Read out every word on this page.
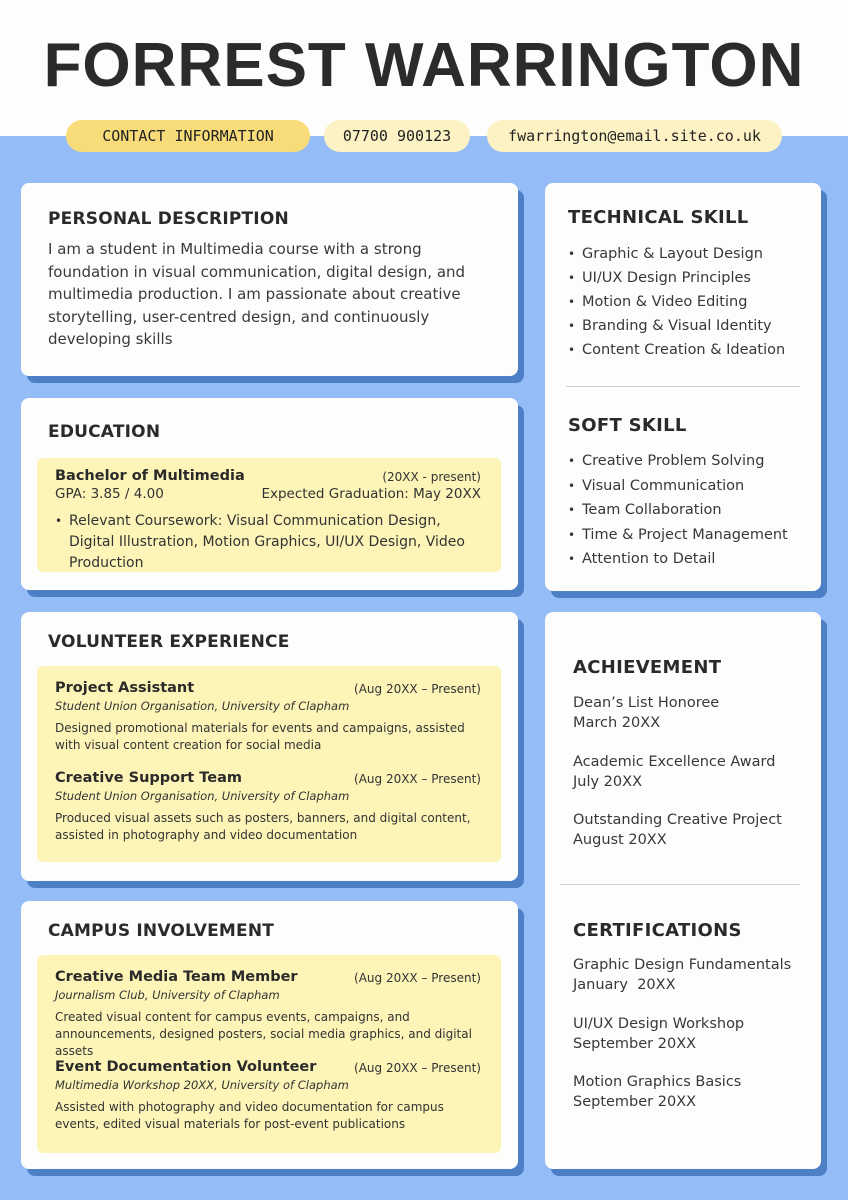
FORREST WARRINGTON
CONTACT INFORMATION	07700 900123	fwarrington@email.site.co.uk
PERSONAL DESCRIPTION
I am a student in Multimedia course with a strong foundation in visual communication, digital design, and multimedia production. I am passionate about creative storytelling, user-centred design, and continuously developing skills
EDUCATION
Bachelor of Multimedia	(20XX - present)
GPA: 3.85 / 4.00	Expected Graduation: May 20XX
• Relevant Coursework: Visual Communication Design, Digital Illustration, Motion Graphics, UI/UX Design, Video Production
VOLUNTEER EXPERIENCE
Project Assistant	(Aug 20XX – Present)
Student Union Organisation, University of Clapham
Designed promotional materials for events and campaigns, assisted with visual content creation for social media
Creative Support Team	(Aug 20XX – Present)
Student Union Organisation, University of Clapham
Produced visual assets such as posters, banners, and digital content, assisted in photography and video documentation
CAMPUS INVOLVEMENT
Creative Media Team Member	(Aug 20XX – Present)
Journalism Club, University of Clapham
Created visual content for campus events, campaigns, and announcements, designed posters, social media graphics, and digital assets
Event Documentation Volunteer	(Aug 20XX – Present)
Multimedia Workshop 20XX, University of Clapham
Assisted with photography and video documentation for campus events, edited visual materials for post-event publications
TECHNICAL SKILL
• Graphic & Layout Design
• UI/UX Design Principles
• Motion & Video Editing
• Branding & Visual Identity
• Content Creation & Ideation
SOFT SKILL
• Creative Problem Solving
• Visual Communication
• Team Collaboration
• Time & Project Management
• Attention to Detail
ACHIEVEMENT
Dean’s List Honoree
March 20XX
Academic Excellence Award
July 20XX
Outstanding Creative Project
August 20XX
CERTIFICATIONS
Graphic Design Fundamentals
January  20XX
UI/UX Design Workshop
September 20XX
Motion Graphics Basics
September 20XX
